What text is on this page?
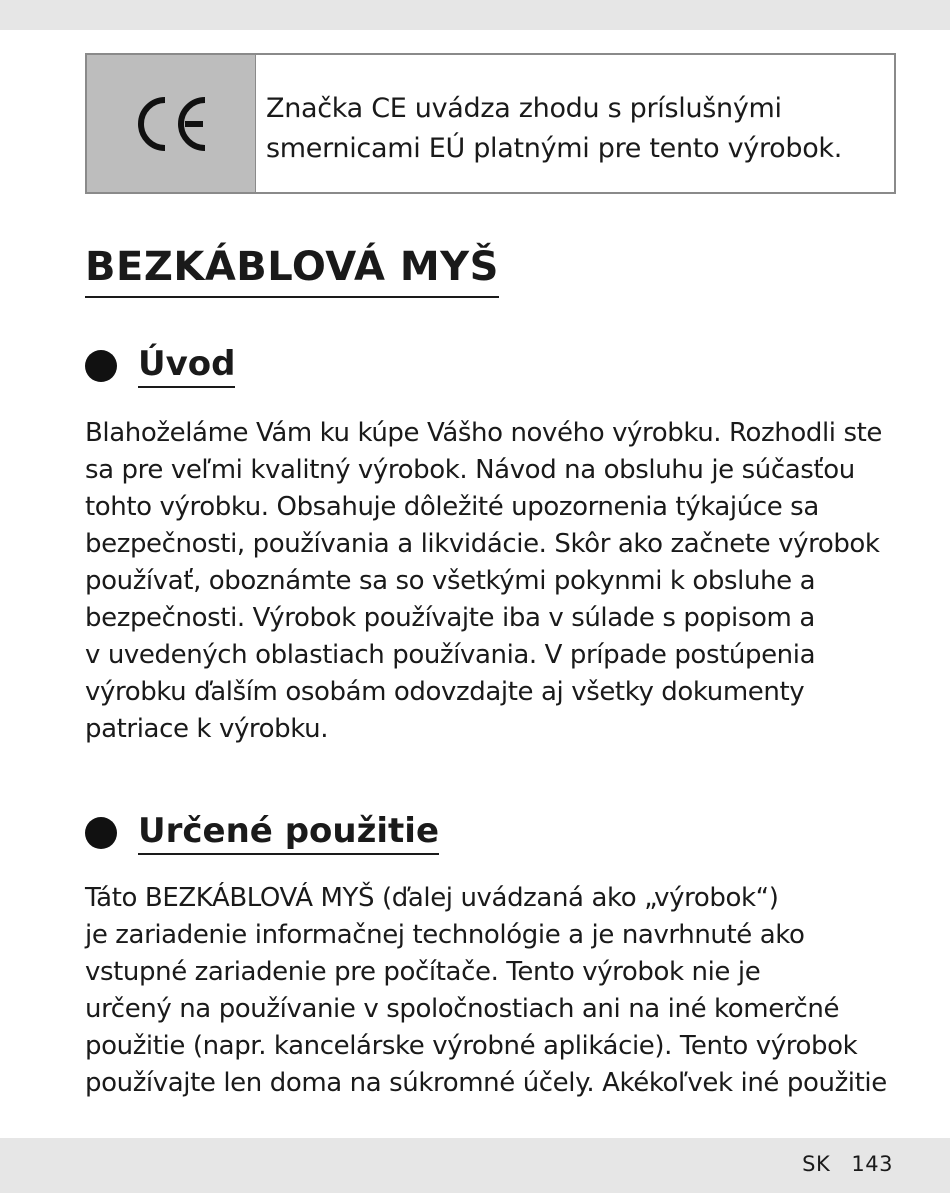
Značka CE uvádza zhodu s príslušnými
smernicami EÚ platnými pre tento výrobok.
BEZKÁBLOVÁ MYŠ
Úvod

Blahoželáme Vám ku kúpe Vášho nového výrobku. Rozhodli ste
sa pre veľmi kvalitný výrobok. Návod na obsluhu je súčasťou
tohto výrobku. Obsahuje dôležité upozornenia týkajúce sa
bezpečnosti, používania a likvidácie. Skôr ako začnete výrobok
používať, oboznámte sa so všetkými pokynmi k obsluhe a
bezpečnosti. Výrobok používajte iba v súlade s popisom a
v uvedených oblastiach používania. V prípade postúpenia
výrobku ďalším osobám odovzdajte aj všetky dokumenty
patriace k výrobku.

Určené použitie

Táto BEZKÁBLOVÁ MYŠ (ďalej uvádzaná ako „výrobok“)
je zariadenie informačnej technológie a je navrhnuté ako
vstupné zariadenie pre počítače. Tento výrobok nie je
určený na používanie v spoločnostiach ani na iné komerčné
použitie (napr. kancelárske výrobné aplikácie). Tento výrobok
používajte len doma na súkromné účely. Akékoľvek iné použitie

SK 143
